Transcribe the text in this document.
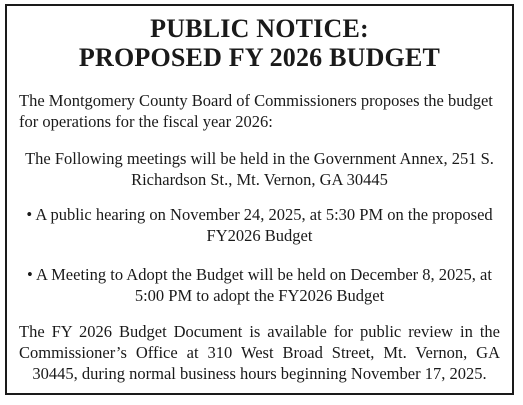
PUBLIC NOTICE:
PROPOSED FY 2026 BUDGET

The Montgomery County Board of Commissioners proposes the budget for operations for the fiscal year 2026:

The Following meetings will be held in the Government Annex, 251 S. Richardson St., Mt. Vernon, GA 30445

• A public hearing on November 24, 2025, at 5:30 PM on the proposed FY2026 Budget

• A Meeting to Adopt the Budget will be held on December 8, 2025, at 5:00 PM to adopt the FY2026 Budget

The FY 2026 Budget Document is available for public review in the Commissioner’s Office at 310 West Broad Street, Mt. Vernon, GA 30445, during normal business hours beginning November 17, 2025.
